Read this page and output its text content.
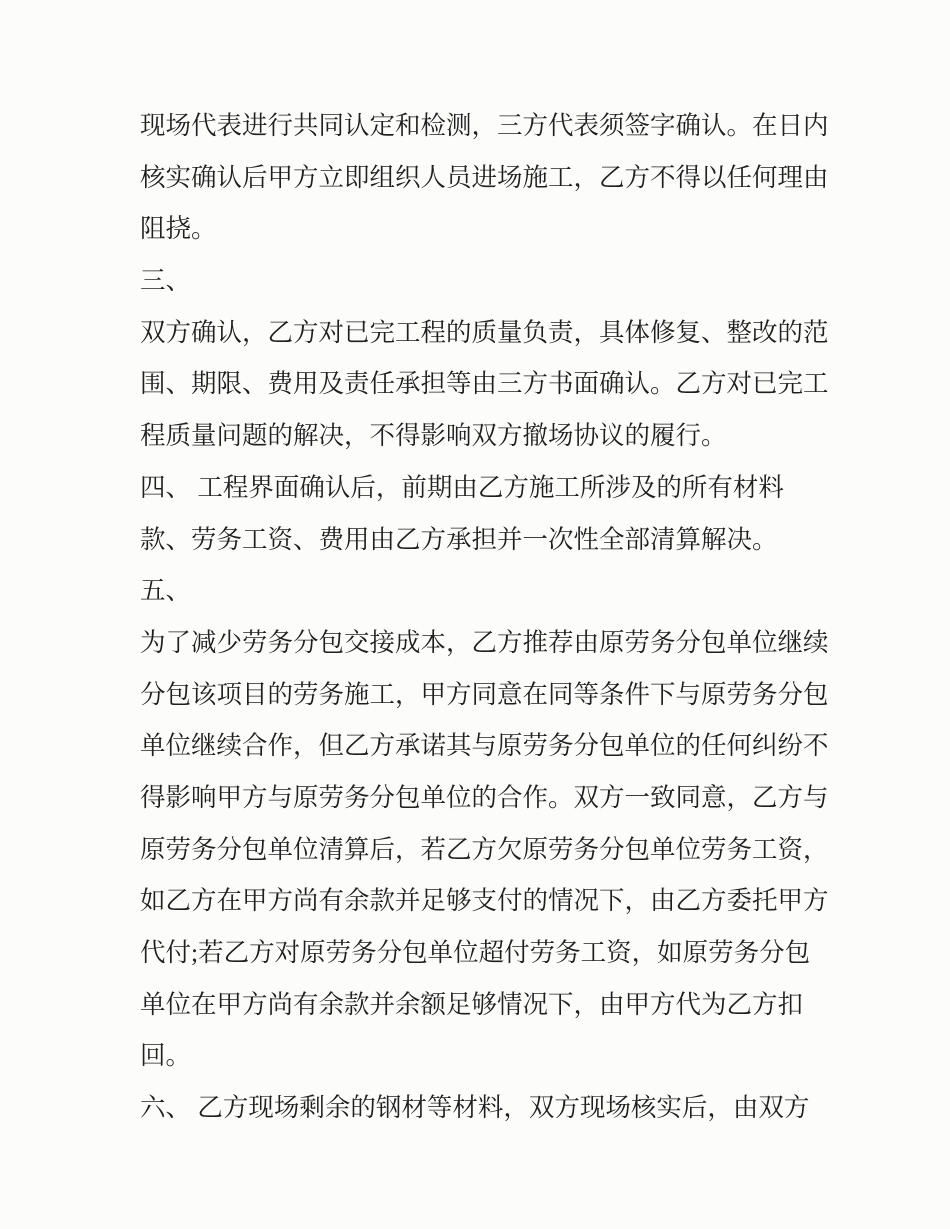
现场代表进行共同认定和检测，三方代表须签字确认。在日内
核实确认后甲方立即组织人员进场施工，乙方不得以任何理由
阻挠。
三、
双方确认，乙方对已完工程的质量负责，具体修复、整改的范
围、期限、费用及责任承担等由三方书面确认。乙方对已完工
程质量问题的解决，不得影响双方撤场协议的履行。
四、 工程界面确认后，前期由乙方施工所涉及的所有材料
款、劳务工资、费用由乙方承担并一次性全部清算解决。
五、
为了减少劳务分包交接成本，乙方推荐由原劳务分包单位继续
分包该项目的劳务施工，甲方同意在同等条件下与原劳务分包
单位继续合作，但乙方承诺其与原劳务分包单位的任何纠纷不
得影响甲方与原劳务分包单位的合作。双方一致同意，乙方与
原劳务分包单位清算后，若乙方欠原劳务分包单位劳务工资，
如乙方在甲方尚有余款并足够支付的情况下，由乙方委托甲方
代付;若乙方对原劳务分包单位超付劳务工资，如原劳务分包
单位在甲方尚有余款并余额足够情况下，由甲方代为乙方扣
回。
六、 乙方现场剩余的钢材等材料，双方现场核实后，由双方
